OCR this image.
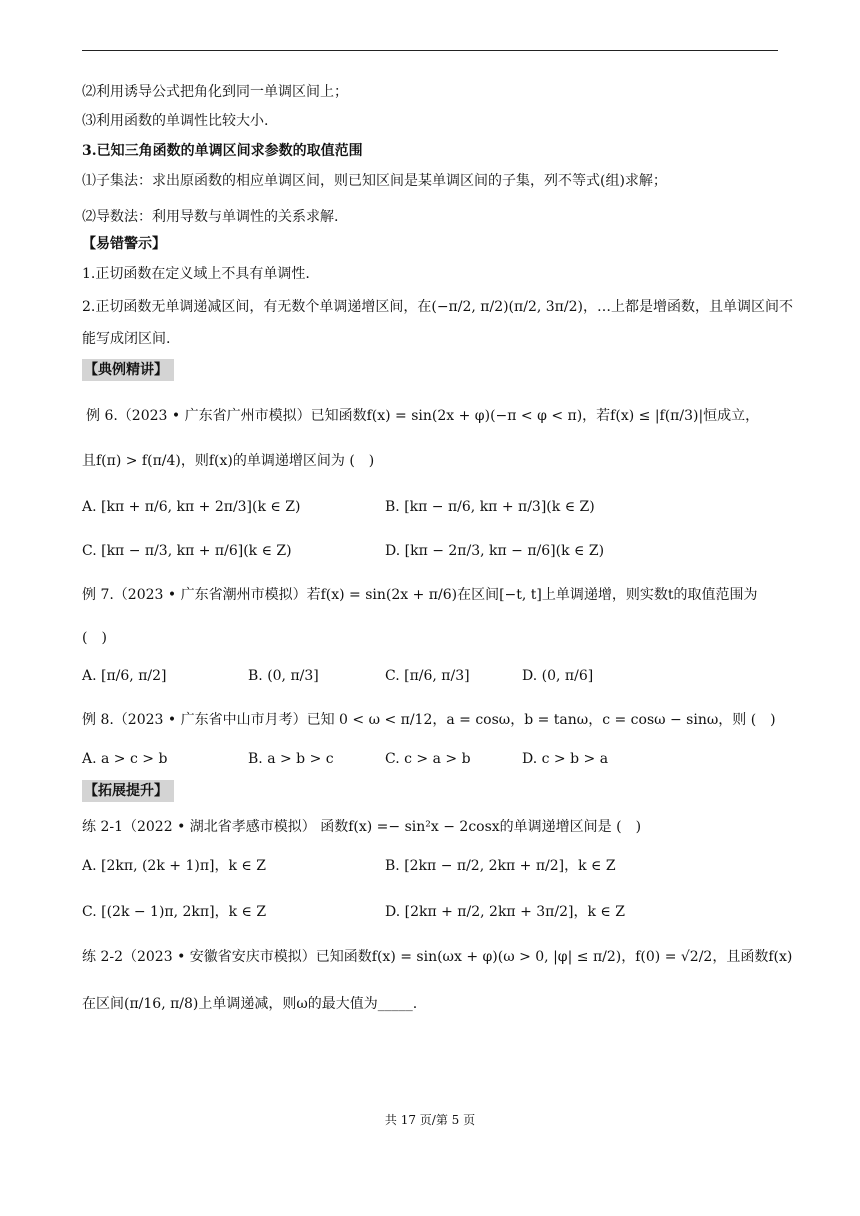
⑵利用诱导公式把角化到同一单调区间上；
⑶利用函数的单调性比较大小.
3.已知三角函数的单调区间求参数的取值范围
⑴子集法：求出原函数的相应单调区间，则已知区间是某单调区间的子集，列不等式(组)求解；
⑵导数法：利用导数与单调性的关系求解.
【易错警示】
1.正切函数在定义域上不具有单调性.
2.正切函数无单调递减区间，有无数个单调递增区间，在(−π/2, π/2)(π/2, 3π/2)，…上都是增函数，且单调区间不
能写成闭区间.
【典例精讲】
例 6.（2023 • 广东省广州市模拟）已知函数f(x) = sin(2x + φ)(−π < φ < π)，若f(x) ≤ |f(π/3)|恒成立，
且f(π) > f(π/4)，则f(x)的单调递增区间为 (　)
A. [kπ + π/6, kπ + 2π/3](k ∈ Z)	B. [kπ − π/6, kπ + π/3](k ∈ Z)
C. [kπ − π/3, kπ + π/6](k ∈ Z)	D. [kπ − 2π/3, kπ − π/6](k ∈ Z)
例 7.（2023 • 广东省潮州市模拟）若f(x) = sin(2x + π/6)在区间[−t, t]上单调递增，则实数t的取值范围为
(　)
A. [π/6, π/2]	B. (0, π/3]	C. [π/6, π/3]	D. (0, π/6]
例 8.（2023 • 广东省中山市月考）已知 0 < ω < π/12，a = cosω，b = tanω，c = cosω − sinω，则 (　)
A. a > c > b	B. a > b > c	C. c > a > b	D. c > b > a
【拓展提升】
练 2-1（2022 • 湖北省孝感市模拟） 函数f(x) =− sin²x − 2cosx的单调递增区间是 (　)
A. [2kπ, (2k + 1)π]，k ∈ Z	B. [2kπ − π/2, 2kπ + π/2]，k ∈ Z
C. [(2k − 1)π, 2kπ]，k ∈ Z	D. [2kπ + π/2, 2kπ + 3π/2]，k ∈ Z
练 2-2（2023 • 安徽省安庆市模拟）已知函数f(x) = sin(ωx + φ)(ω > 0, |φ| ≤ π/2)，f(0) = √2/2，且函数f(x)
在区间(π/16, π/8)上单调递减，则ω的最大值为_____.
共 17 页/第 5 页
